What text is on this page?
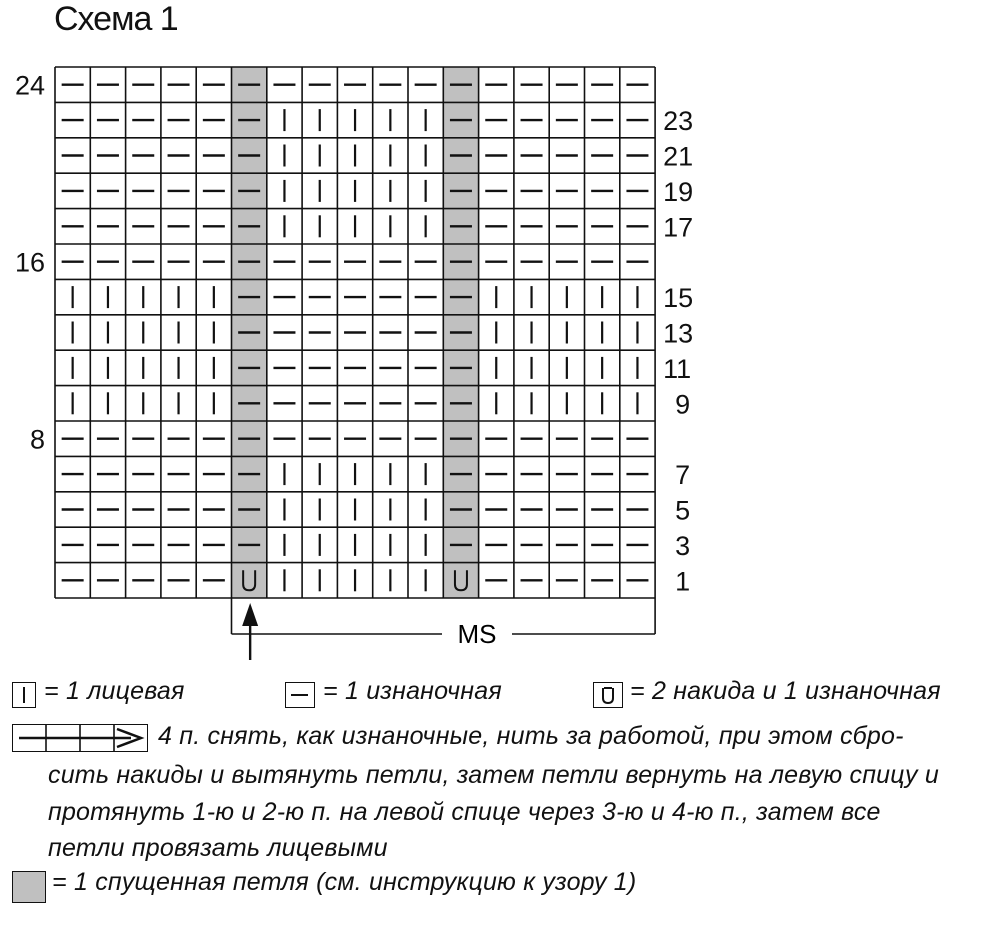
Схема 1
24
16
8
23
21
19
17
15
13
11
9
7
5
3
1
MS
= 1 лицевая	= 1 изнаночная	= 2 накида и 1 изнаночная
4 п. снять, как изнаночные, нить за работой, при этом сбро-
сить накиды и вытянуть петли, затем петли вернуть на левую спицу и
протянуть 1-ю и 2-ю п. на левой спице через 3-ю и 4-ю п., затем все
петли провязать лицевыми
= 1 спущенная петля (см. инструкцию к узору 1)
